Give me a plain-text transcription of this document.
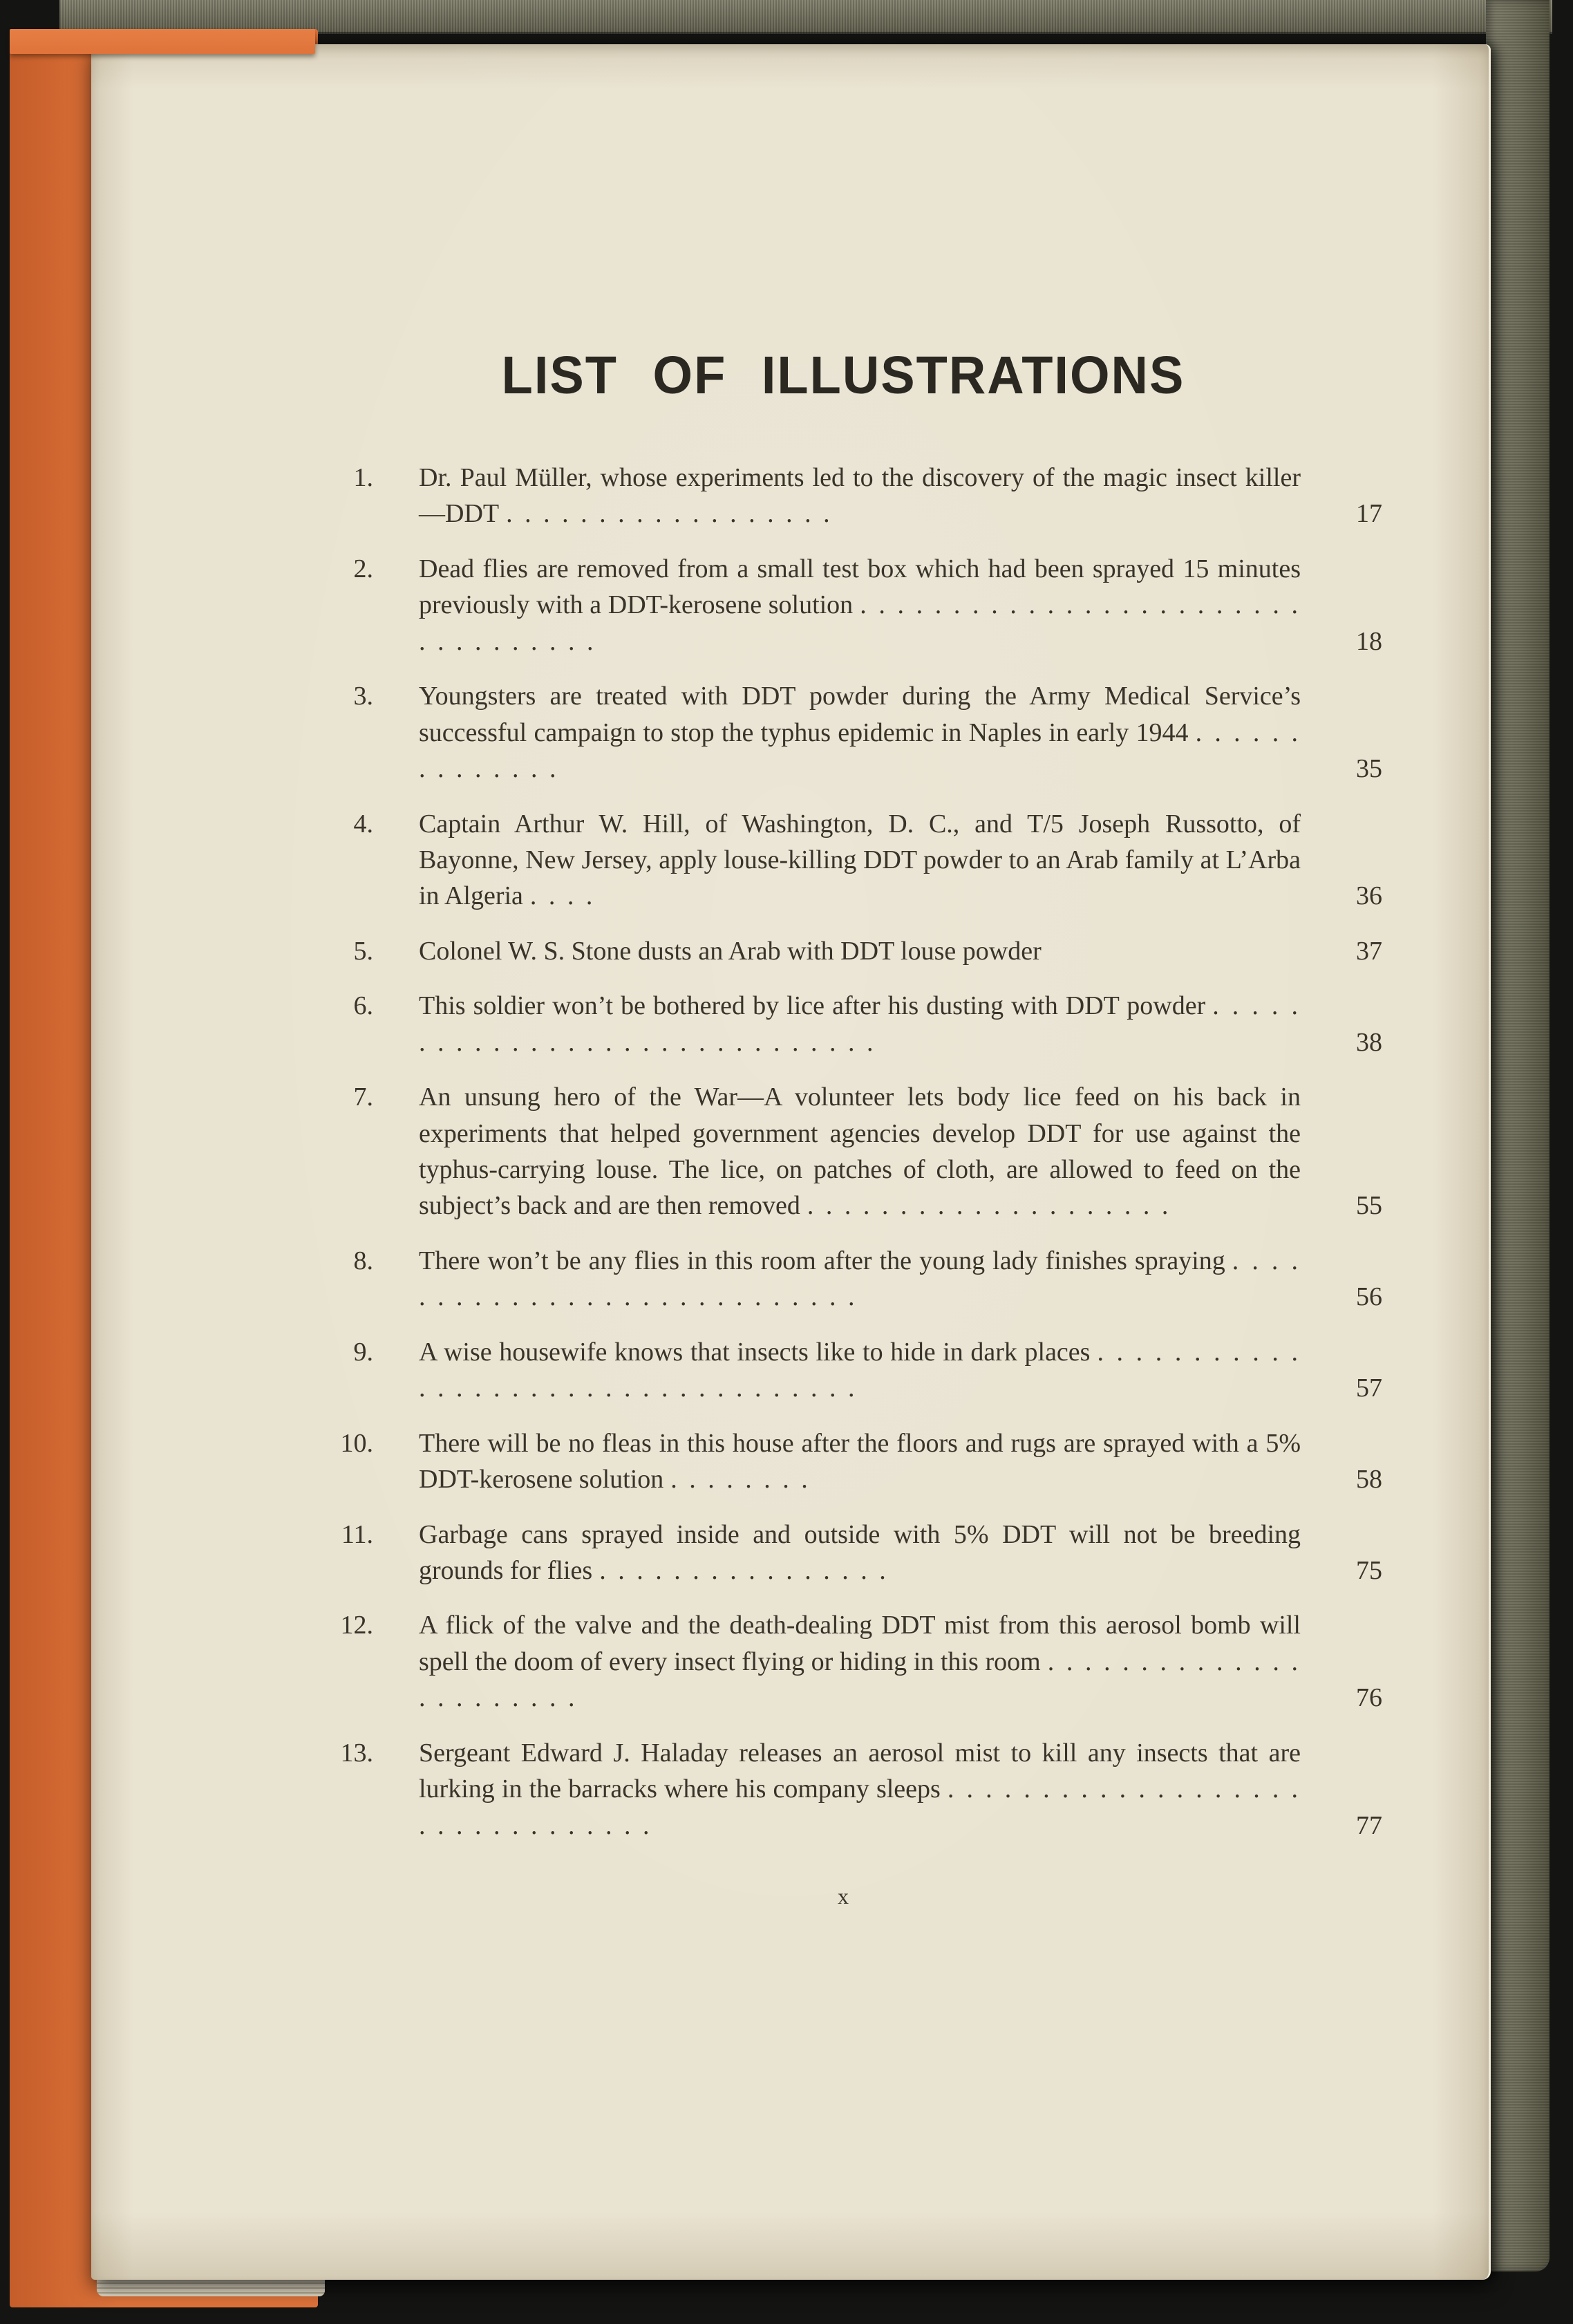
LIST OF ILLUSTRATIONS
1. Dr. Paul Müller, whose experiments led to the discovery of the magic insect killer—DDT . . . . . . . . . . . . . . . . . .	17
2. Dead flies are removed from a small test box which had been sprayed 15 minutes previously with a DDT-kerosene solution . . . . . . . . . . . . . . . . . . . . . . . . . . . . . . . . . .	18
3. Youngsters are treated with DDT powder during the Army Medical Service’s successful campaign to stop the typhus epidemic in Naples in early 1944 . . . . . . . . . . . . . .	35
4. Captain Arthur W. Hill, of Washington, D. C., and T/5 Joseph Russotto, of Bayonne, New Jersey, apply louse-killing DDT powder to an Arab family at L’Arba in Algeria . . . .	36
5. Colonel W. S. Stone dusts an Arab with DDT louse powder	37
6. This soldier won’t be bothered by lice after his dusting with DDT powder . . . . . . . . . . . . . . . . . . . . . . . . . . . . . .	38
7. An unsung hero of the War—A volunteer lets body lice feed on his back in experiments that helped government agencies develop DDT for use against the typhus-carrying louse. The lice, on patches of cloth, are allowed to feed on the subject’s back and are then removed . . . . . . . . . . . . . . . . . . . .	55
8. There won’t be any flies in this room after the young lady finishes spraying . . . . . . . . . . . . . . . . . . . . . . . . . . . .	56
9. A wise housewife knows that insects like to hide in dark places . . . . . . . . . . . . . . . . . . . . . . . . . . . . . . . . . . .	57
10. There will be no fleas in this house after the floors and rugs are sprayed with a 5% DDT-kerosene solution . . . . . . . .	58
11. Garbage cans sprayed inside and outside with 5% DDT will not be breeding grounds for flies . . . . . . . . . . . . . . . .	75
12. A flick of the valve and the death-dealing DDT mist from this aerosol bomb will spell the doom of every insect flying or hiding in this room . . . . . . . . . . . . . . . . . . . . . . .	76
13. Sergeant Edward J. Haladay releases an aerosol mist to kill any insects that are lurking in the barracks where his company sleeps . . . . . . . . . . . . . . . . . . . . . . . . . . . . . . . .	77
x
